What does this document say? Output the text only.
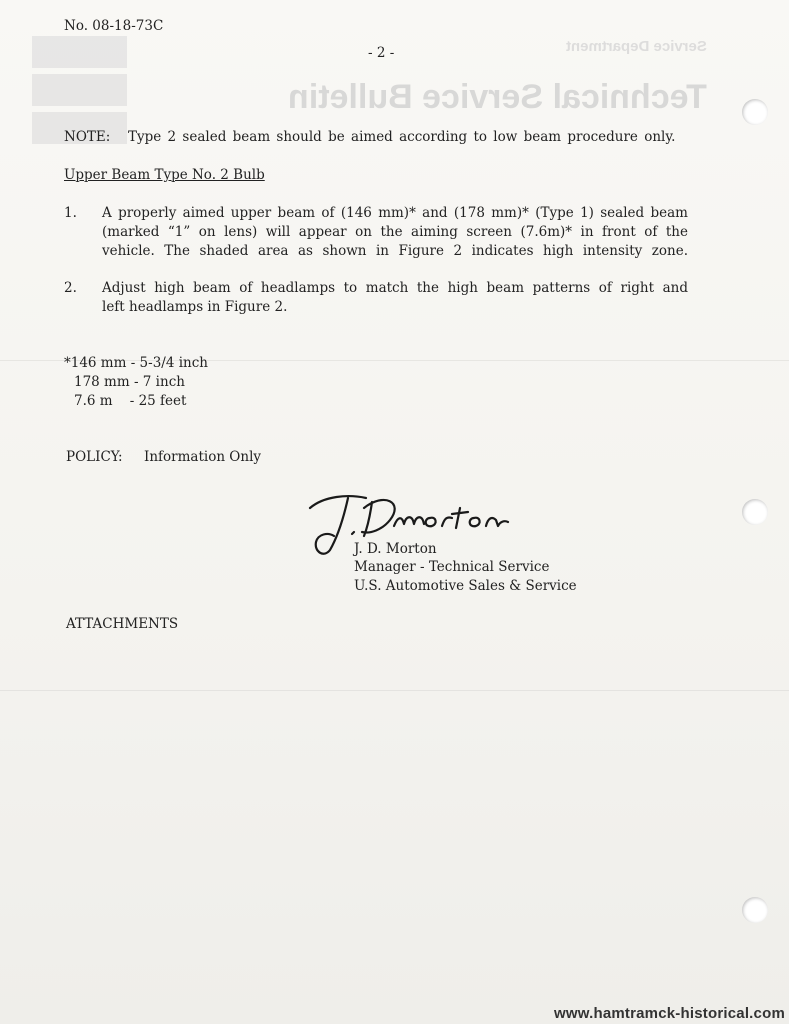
Service Department
Technical Service Bulletin
No. 08-18-73C
- 2 -
NOTE: Type 2 sealed beam should be aimed according to low beam procedure only.
Upper Beam Type No. 2 Bulb
1. A properly aimed upper beam of (146 mm)* and (178 mm)* (Type 1) sealed beam
(marked “1” on lens) will appear on the aiming screen (7.6m)* in front of the
vehicle. The shaded area as shown in Figure 2 indicates high intensity zone.
2. Adjust high beam of headlamps to match the high beam patterns of right and
left headlamps in Figure 2.
*146 mm - 5-3/4 inch
178 mm - 7 inch
7.6 m    - 25 feet
POLICY: Information Only
J. D. Morton
Manager - Technical Service
U.S. Automotive Sales & Service
ATTACHMENTS
www.hamtramck-historical.com
